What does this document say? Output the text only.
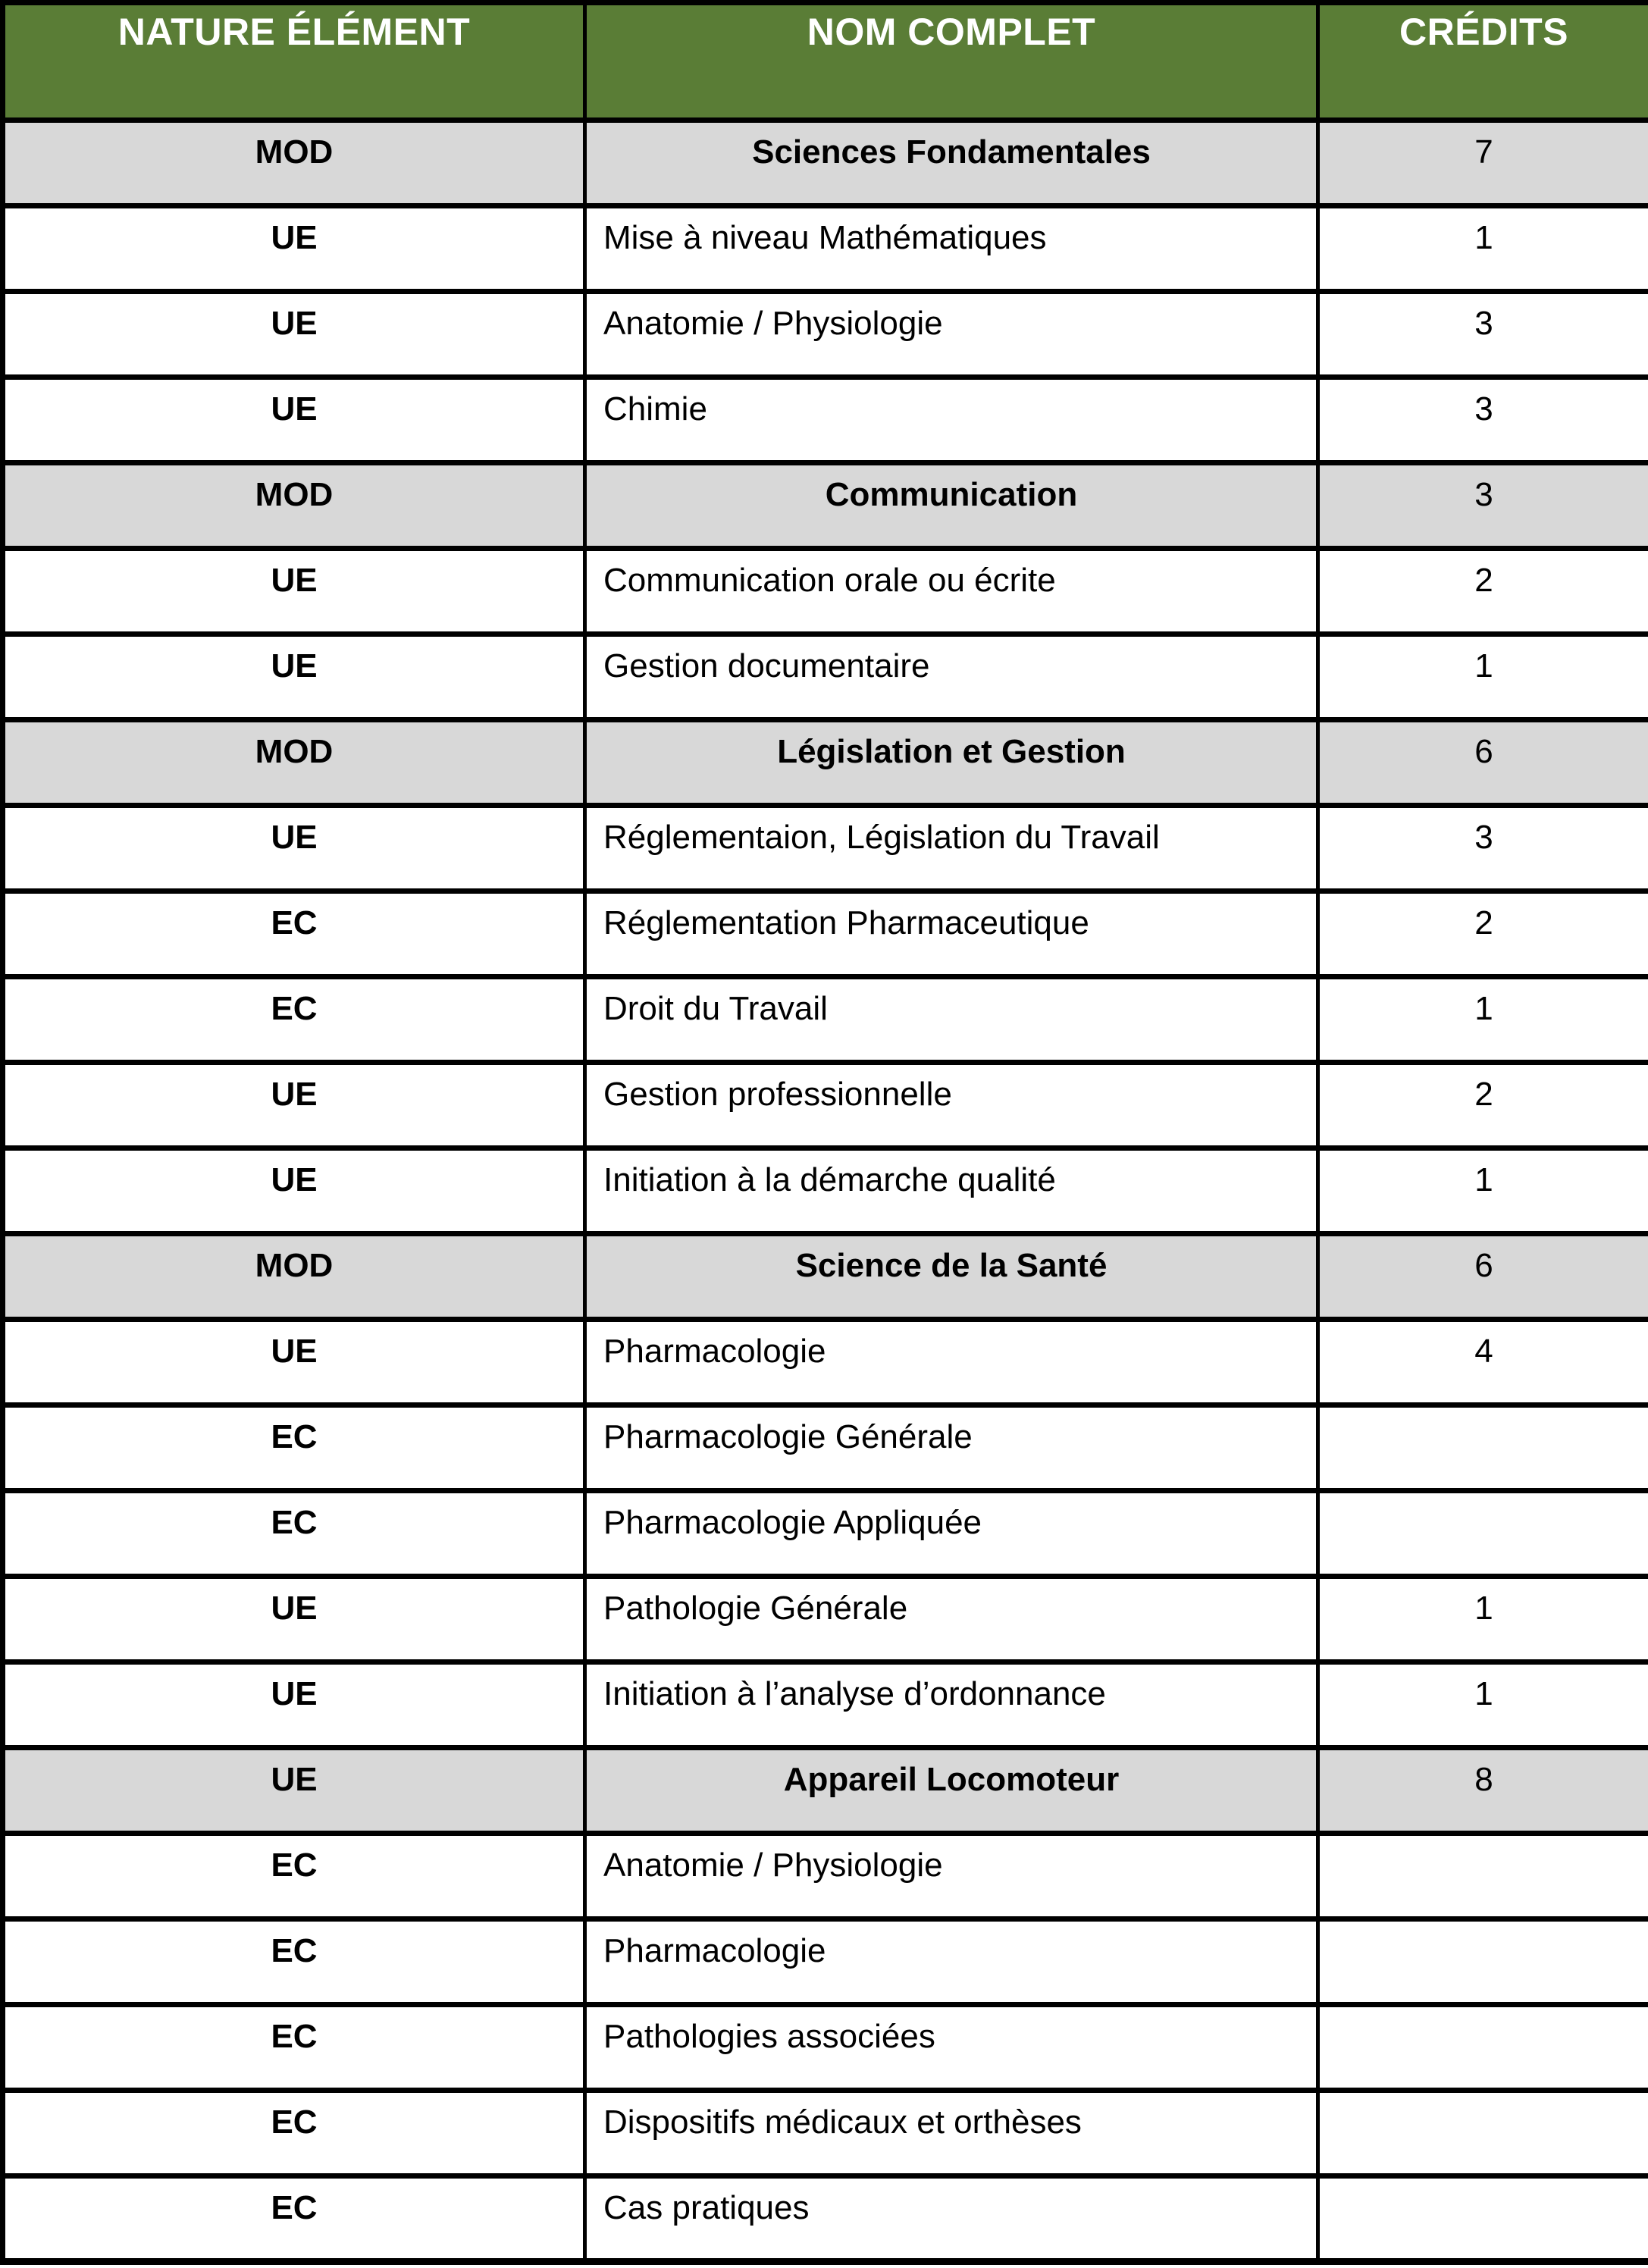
NATURE ÉLÉMENT	NOM COMPLET	CRÉDITS
MOD	Sciences Fondamentales	7
UE	Mise à niveau Mathématiques	1
UE	Anatomie / Physiologie	3
UE	Chimie	3
MOD	Communication	3
UE	Communication orale ou écrite	2
UE	Gestion documentaire	1
MOD	Législation et Gestion	6
UE	Réglementaion, Législation du Travail	3
EC	Réglementation Pharmaceutique	2
EC	Droit du Travail	1
UE	Gestion professionnelle	2
UE	Initiation à la démarche qualité	1
MOD	Science de la Santé	6
UE	Pharmacologie	4
EC	Pharmacologie Générale	
EC	Pharmacologie Appliquée	
UE	Pathologie Générale	1
UE	Initiation à l’analyse d’ordonnance	1
UE	Appareil Locomoteur	8
EC	Anatomie / Physiologie	
EC	Pharmacologie	
EC	Pathologies associées	
EC	Dispositifs médicaux et orthèses	
EC	Cas pratiques	
